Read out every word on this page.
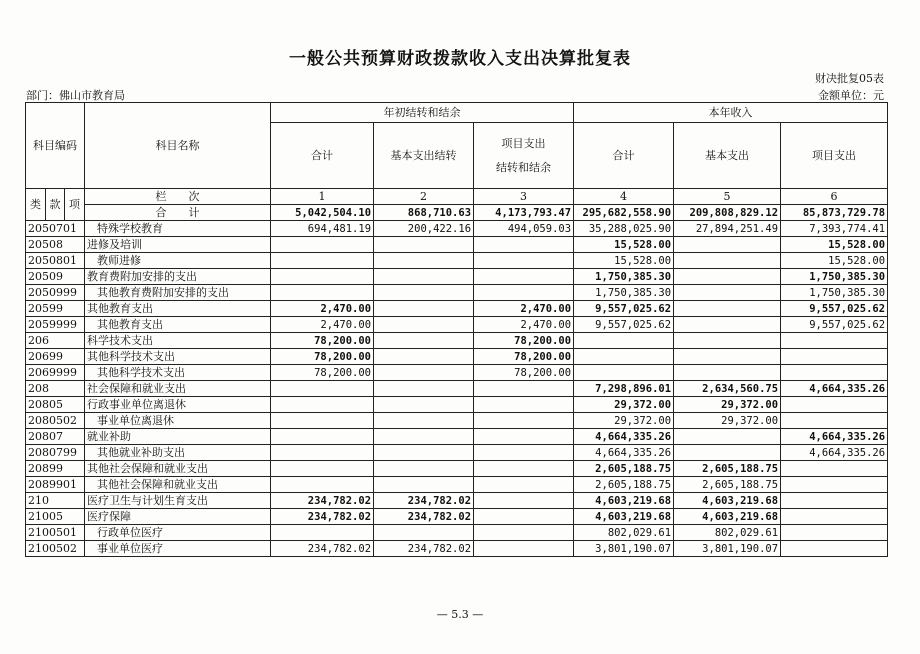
一般公共预算财政拨款收入支出决算批复表
财决批复05表
部门：佛山市教育局	金额单位：元
科目编码			科目名称	年初结转和结余			本年收入		
				合计	基本支出结转	项目支出
结转和结余	合计	基本支出	项目支出

类	款	项	栏　　次	1	2	3	4	5	6
			合　　计	5,042,504.10	868,710.63	4,173,793.47	295,682,558.90	209,808,829.12	85,873,729.78
2050701			特殊学校教育	694,481.19	200,422.16	494,059.03	35,288,025.90	27,894,251.49	7,393,774.41
20508			进修及培训				15,528.00		15,528.00
2050801			教师进修				15,528.00		15,528.00
20509			教育费附加安排的支出				1,750,385.30		1,750,385.30
2050999			其他教育费附加安排的支出				1,750,385.30		1,750,385.30
20599			其他教育支出	2,470.00		2,470.00	9,557,025.62		9,557,025.62
2059999			其他教育支出	2,470.00		2,470.00	9,557,025.62		9,557,025.62
206			科学技术支出	78,200.00		78,200.00			
20699			其他科学技术支出	78,200.00		78,200.00			
2069999			其他科学技术支出	78,200.00		78,200.00			
208			社会保障和就业支出				7,298,896.01	2,634,560.75	4,664,335.26
20805			行政事业单位离退休				29,372.00	29,372.00	
2080502			事业单位离退休				29,372.00	29,372.00	
20807			就业补助				4,664,335.26		4,664,335.26
2080799			其他就业补助支出				4,664,335.26		4,664,335.26
20899			其他社会保障和就业支出				2,605,188.75	2,605,188.75	
2089901			其他社会保障和就业支出				2,605,188.75	2,605,188.75	
210			医疗卫生与计划生育支出	234,782.02	234,782.02		4,603,219.68	4,603,219.68	
21005			医疗保障	234,782.02	234,782.02		4,603,219.68	4,603,219.68	
2100501			行政单位医疗				802,029.61	802,029.61	
2100502			事业单位医疗	234,782.02	234,782.02		3,801,190.07	3,801,190.07	
— 5.3 —
